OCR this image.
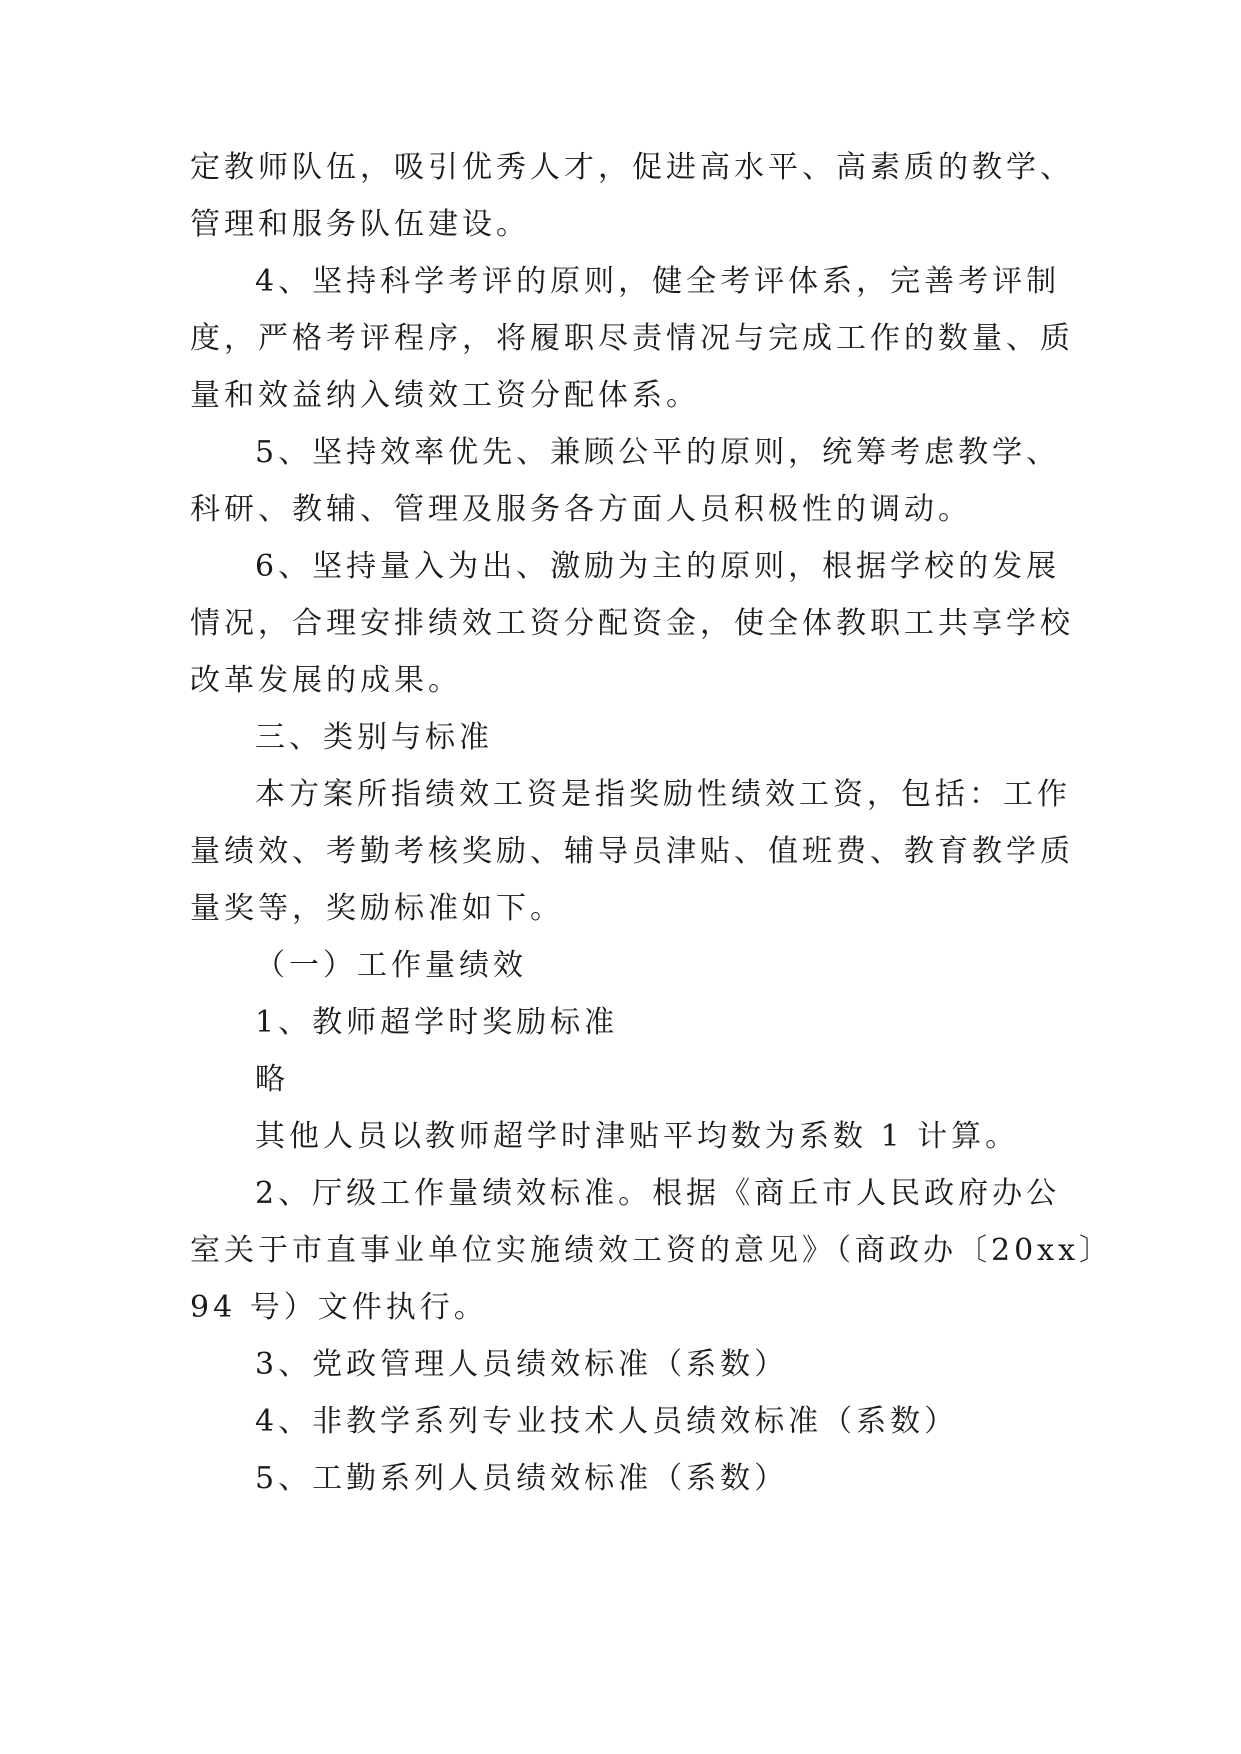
定教师队伍，吸引优秀人才，促进高水平、高素质的教学、
管理和服务队伍建设。
4、坚持科学考评的原则，健全考评体系，完善考评制
度，严格考评程序，将履职尽责情况与完成工作的数量、质
量和效益纳入绩效工资分配体系。
5、坚持效率优先、兼顾公平的原则，统筹考虑教学、
科研、教辅、管理及服务各方面人员积极性的调动。
6、坚持量入为出、激励为主的原则，根据学校的发展
情况，合理安排绩效工资分配资金，使全体教职工共享学校
改革发展的成果。
三、类别与标准
本方案所指绩效工资是指奖励性绩效工资，包括：工作
量绩效、考勤考核奖励、辅导员津贴、值班费、教育教学质
量奖等，奖励标准如下。
（一）工作量绩效
1、教师超学时奖励标准
略
其他人员以教师超学时津贴平均数为系数 1 计算。
2、厅级工作量绩效标准。根据《商丘市人民政府办公
室关于市直事业单位实施绩效工资的意见》（商政办〔20xx〕
94 号）文件执行。
3、党政管理人员绩效标准（系数）
4、非教学系列专业技术人员绩效标准（系数）
5、工勤系列人员绩效标准（系数）
